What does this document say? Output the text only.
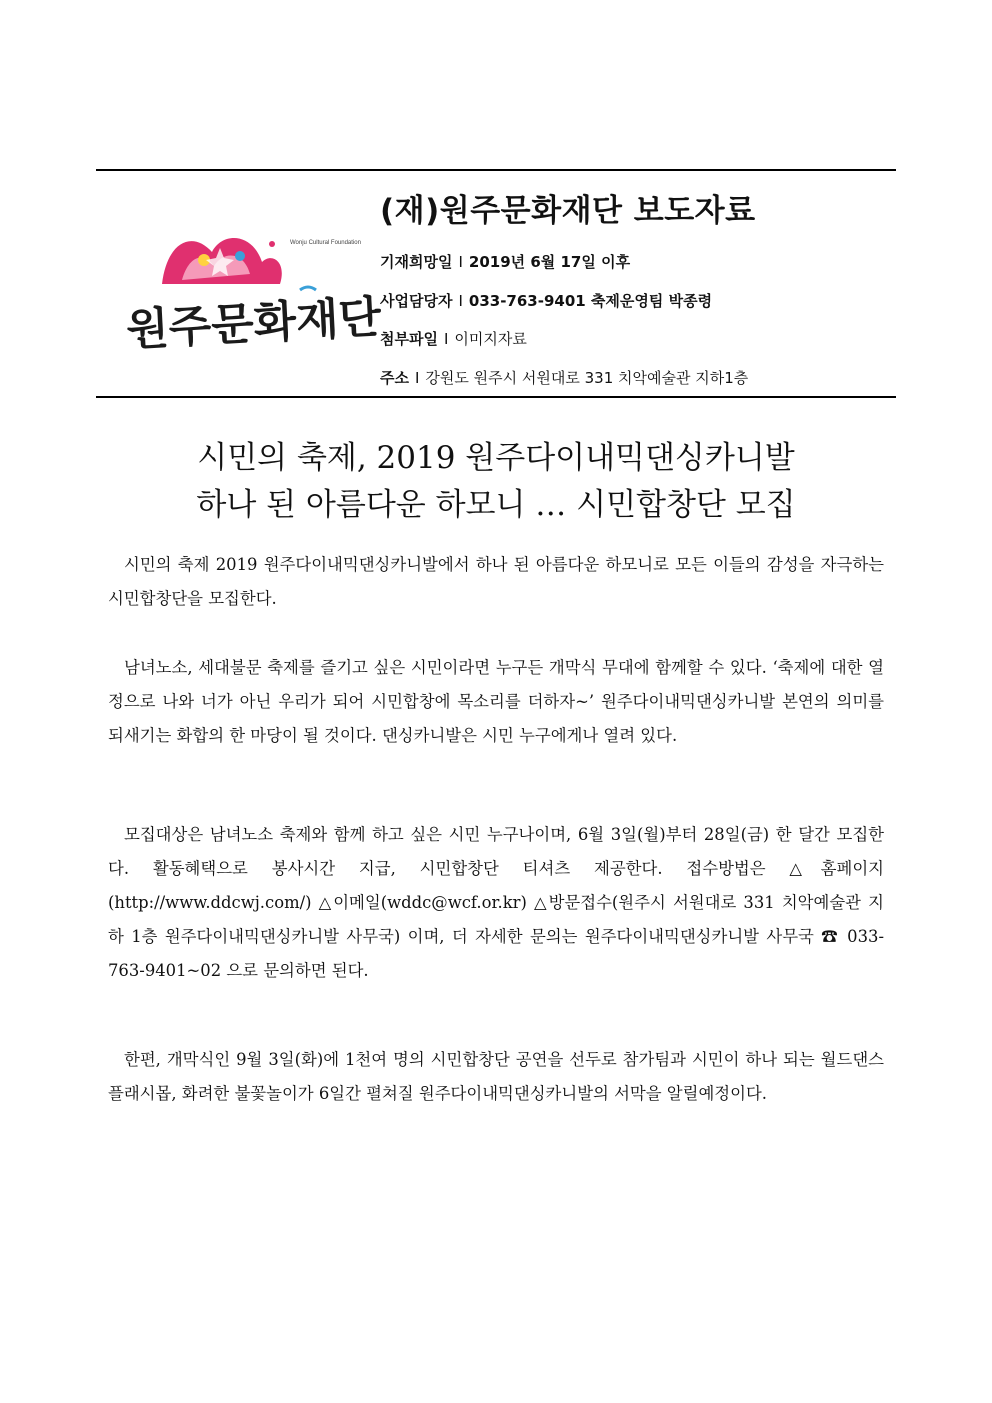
Wonju Cultural Foundation
원주문화재단
(재)원주문화재단 보도자료
기재희망일 I 2019년 6월 17일 이후
사업담당자 I 033-763-9401 축제운영팀 박종령
첨부파일 I 이미지자료
주소 I 강원도 원주시 서원대로 331 치악예술관 지하1층
시민의 축제, 2019 원주다이내믹댄싱카니발
하나 된 아름다운 하모니 … 시민합창단 모집

시민의 축제 2019 원주다이내믹댄싱카니발에서 하나 된 아름다운 하모니로 모든 이들의 감성을 자극하는 시민합창단을 모집한다.

남녀노소, 세대불문 축제를 즐기고 싶은 시민이라면 누구든 개막식 무대에 함께할 수 있다. ‘축제에 대한 열정으로 나와 너가 아닌 우리가 되어 시민합창에 목소리를 더하자~’ 원주다이내믹댄싱카니발 본연의 의미를 되새기는 화합의 한 마당이 될 것이다. 댄싱카니발은 시민 누구에게나 열려 있다.

모집대상은 남녀노소 축제와 함께 하고 싶은 시민 누구나이며, 6월 3일(월)부터 28일(금) 한 달간 모집한다. 활동혜택으로 봉사시간 지급, 시민합창단 티셔츠 제공한다. 접수방법은 △홈페이지(http://www.ddcwj.com/) △이메일(wddc@wcf.or.kr) △방문접수(원주시 서원대로 331 치악예술관 지하 1층 원주다이내믹댄싱카니발 사무국) 이며, 더 자세한 문의는 원주다이내믹댄싱카니발 사무국 ☎ 033-763-9401~02 으로 문의하면 된다.

한편, 개막식인 9월 3일(화)에 1천여 명의 시민합창단 공연을 선두로 참가팀과 시민이 하나 되는 월드댄스플래시몹, 화려한 불꽃놀이가 6일간 펼쳐질 원주다이내믹댄싱카니발의 서막을 알릴예정이다.
